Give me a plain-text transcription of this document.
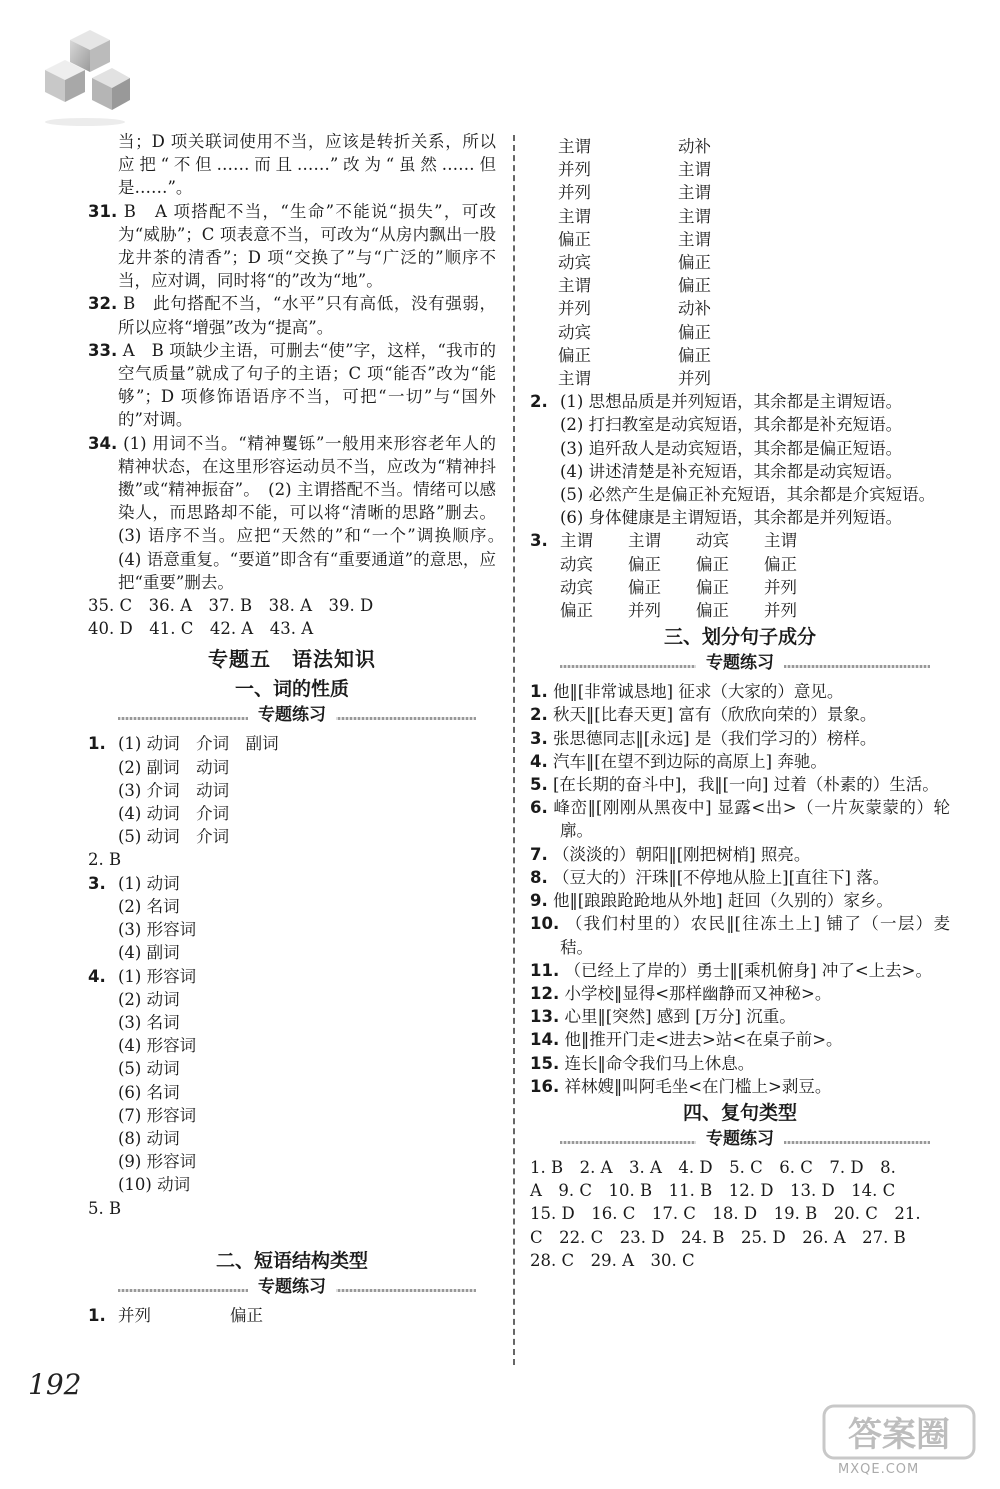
当；D 项关联词使用不当，应该是转折关系，所以应把“不但……而且……”改为“虽然……但是……”。

31. B　A 项搭配不当，“生命”不能说“损失”，可改为“威胁”；C 项表意不当，可改为“从房内飘出一股龙井茶的清香”；D 项“交换了”与“广泛的”顺序不当，应对调，同时将“的”改为“地”。
32. B　此句搭配不当，“水平”只有高低，没有强弱，所以应将“增强”改为“提高”。
33. A　B 项缺少主语，可删去“使”字，这样，“我市的空气质量”就成了句子的主语；C 项“能否”改为“能够”；D 项修饰语语序不当，可把“一切”与“国外的”对调。
34. (1) 用词不当。“精神矍铄”一般用来形容老年人的精神状态，在这里形容运动员不当，应改为“精神抖擞”或“精神振奋”。　(2) 主谓搭配不当。情绪可以感染人，而思路却不能，可以将“清晰的思路”删去。(3) 语序不当。应把“天然的”和“一个”调换顺序。　(4) 语意重复。“要道”即含有“重要通道”的意思，应把“重要”删去。
35. C　36. A　37. B　38. A　39. D
40. D　41. C　42. A　43. A
专题五　语法知识
一、词的性质
专题练习
1. (1) 动词　介词　副词
(2) 副词　动词
(3) 介词　动词
(4) 动词　介词
(5) 动词　介词
2. B
3. (1) 动词
(2) 名词
(3) 形容词
(4) 副词
4. (1) 形容词
(2) 动词
(3) 名词
(4) 形容词
(5) 动词
(6) 名词
(7) 形容词
(8) 动词
(9) 形容词
(10) 动词
5. B
二、短语结构类型
专题练习
1. 并列	偏正
主谓	动补
并列	主谓
并列	主谓
主谓	主谓
偏正	主谓
动宾	偏正
主谓	偏正
并列	动补
动宾	偏正
偏正	偏正
主谓	并列
2. (1) 思想品质是并列短语，其余都是主谓短语。
(2) 打扫教室是动宾短语，其余都是补充短语。
(3) 追歼敌人是动宾短语，其余都是偏正短语。
(4) 讲述清楚是补充短语，其余都是动宾短语。
(5) 必然产生是偏正补充短语，其余都是介宾短语。
(6) 身体健康是主谓短语，其余都是并列短语。
3. 主谓	主谓	动宾	主谓
动宾	偏正	偏正	偏正
动宾	偏正	偏正	并列
偏正	并列	偏正	并列
三、划分句子成分
专题练习
1. 他‖[非常诚恳地] 征求（大家的）意见。
2. 秋天‖[比春天更] 富有（欣欣向荣的）景象。
3. 张思德同志‖[永远] 是（我们学习的）榜样。
4. 汽车‖[在望不到边际的高原上] 奔驰。
5. [在长期的奋斗中]，我‖[一向] 过着（朴素的）生活。
6. 峰峦‖[刚刚从黑夜中] 显露<出>（一片灰蒙蒙的）轮廓。
7. （淡淡的）朝阳‖[刚把树梢] 照亮。
8. （豆大的）汗珠‖[不停地从脸上][直往下] 落。
9. 他‖[踉踉跄跄地从外地] 赶回（久别的）家乡。
10. （我们村里的）农民‖[往冻土上] 铺了（一层）麦秸。
11. （已经上了岸的）勇士‖[乘机俯身] 冲了<上去>。
12. 小学校‖显得<那样幽静而又神秘>。
13. 心里‖[突然] 感到 [万分] 沉重。
14. 他‖推开门走<进去>站<在桌子前>。
15. 连长‖命令我们马上休息。
16. 祥林嫂‖叫阿毛坐<在门槛上>剥豆。
四、复句类型
专题练习
1. B　2. A　3. A　4. D　5. C　6. C　7. D　8.
A　9. C　10. B　11. B　12. D　13. D　14. C
15. D　16. C　17. C　18. D　19. B　20. C　21.
C　22. C　23. D　24. B　25. D　26. A　27. B
28. C　29. A　30. C
192
答案圈
MXQE.COM
